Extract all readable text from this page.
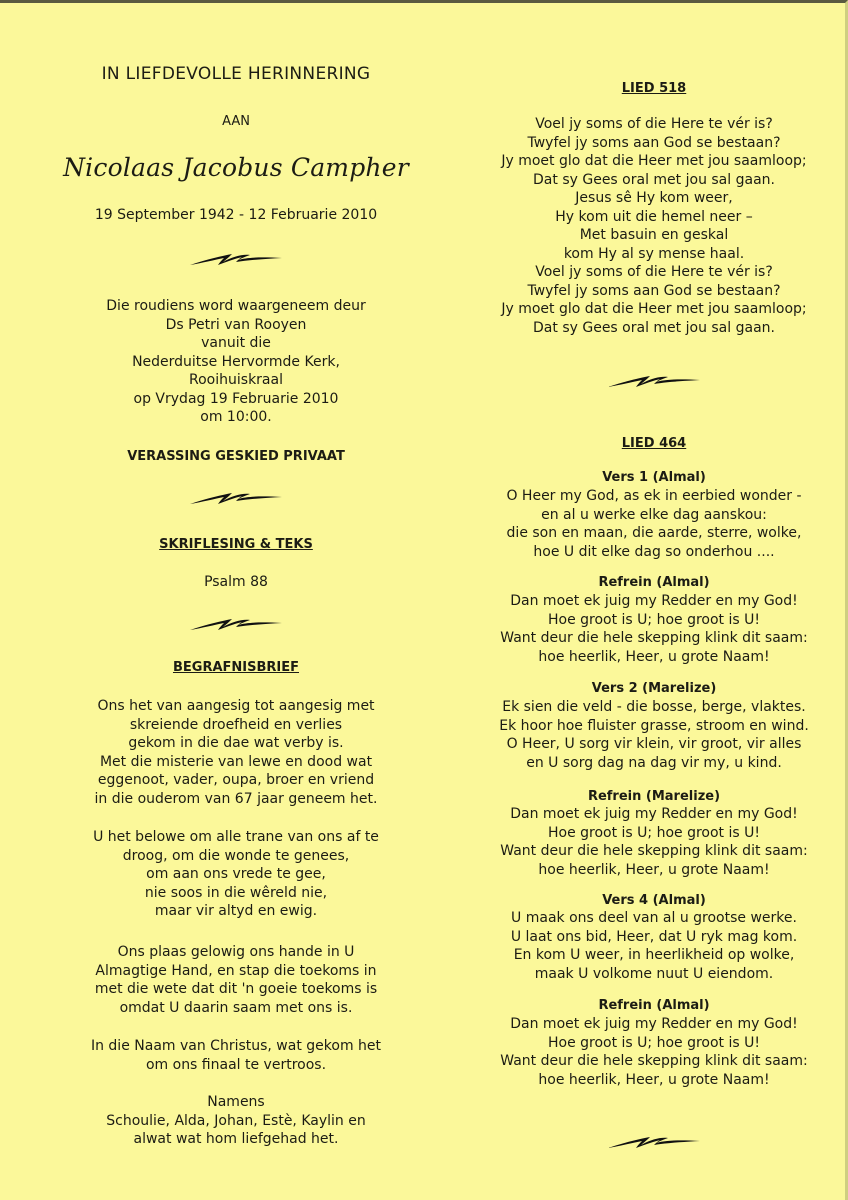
IN LIEFDEVOLLE HERINNERING
AAN
Nicolaas Jacobus Campher
19 September 1942 - 12 Februarie 2010
Die roudiens word waargeneem deur
Ds Petri van Rooyen
vanuit die
Nederduitse Hervormde Kerk,
Rooihuiskraal
op Vrydag 19 Februarie 2010
om 10:00.
VERASSING GESKIED PRIVAAT
SKRIFLESING & TEKS
Psalm 88
BEGRAFNISBRIEF
Ons het van aangesig tot aangesig met
skreiende droefheid en verlies
gekom in die dae wat verby is.
Met die misterie van lewe en dood wat
eggenoot, vader, oupa, broer en vriend
in die ouderom van 67 jaar geneem het.
U het belowe om alle trane van ons af te
droog, om die wonde te genees,
om aan ons vrede te gee,
nie soos in die wêreld nie,
maar vir altyd en ewig.
Ons plaas gelowig ons hande in U
Almagtige Hand, en stap die toekoms in
met die wete dat dit 'n goeie toekoms is
omdat U daarin saam met ons is.
In die Naam van Christus, wat gekom het
om ons finaal te vertroos.
Namens
Schoulie, Alda, Johan, Estè, Kaylin en
alwat wat hom liefgehad het.
LIED 518
Voel jy soms of die Here te vér is?
Twyfel jy soms aan God se bestaan?
Jy moet glo dat die Heer met jou saamloop;
Dat sy Gees oral met jou sal gaan.
Jesus sê Hy kom weer,
Hy kom uit die hemel neer –
Met basuin en geskal
kom Hy al sy mense haal.
Voel jy soms of die Here te vér is?
Twyfel jy soms aan God se bestaan?
Jy moet glo dat die Heer met jou saamloop;
Dat sy Gees oral met jou sal gaan.
LIED 464
Vers 1 (Almal)
O Heer my God, as ek in eerbied wonder -
en al u werke elke dag aanskou:
die son en maan, die aarde, sterre, wolke,
hoe U dit elke dag so onderhou ....
Refrein (Almal)
Dan moet ek juig my Redder en my God!
Hoe groot is U; hoe groot is U!
Want deur die hele skepping klink dit saam:
hoe heerlik, Heer, u grote Naam!
Vers 2 (Marelize)
Ek sien die veld - die bosse, berge, vlaktes.
Ek hoor hoe fluister grasse, stroom en wind.
O Heer, U sorg vir klein, vir groot, vir alles
en U sorg dag na dag vir my, u kind.
Refrein (Marelize)
Dan moet ek juig my Redder en my God!
Hoe groot is U; hoe groot is U!
Want deur die hele skepping klink dit saam:
hoe heerlik, Heer, u grote Naam!
Vers 4 (Almal)
U maak ons deel van al u grootse werke.
U laat ons bid, Heer, dat U ryk mag kom.
En kom U weer, in heerlikheid op wolke,
maak U volkome nuut U eiendom.
Refrein (Almal)
Dan moet ek juig my Redder en my God!
Hoe groot is U; hoe groot is U!
Want deur die hele skepping klink dit saam:
hoe heerlik, Heer, u grote Naam!
